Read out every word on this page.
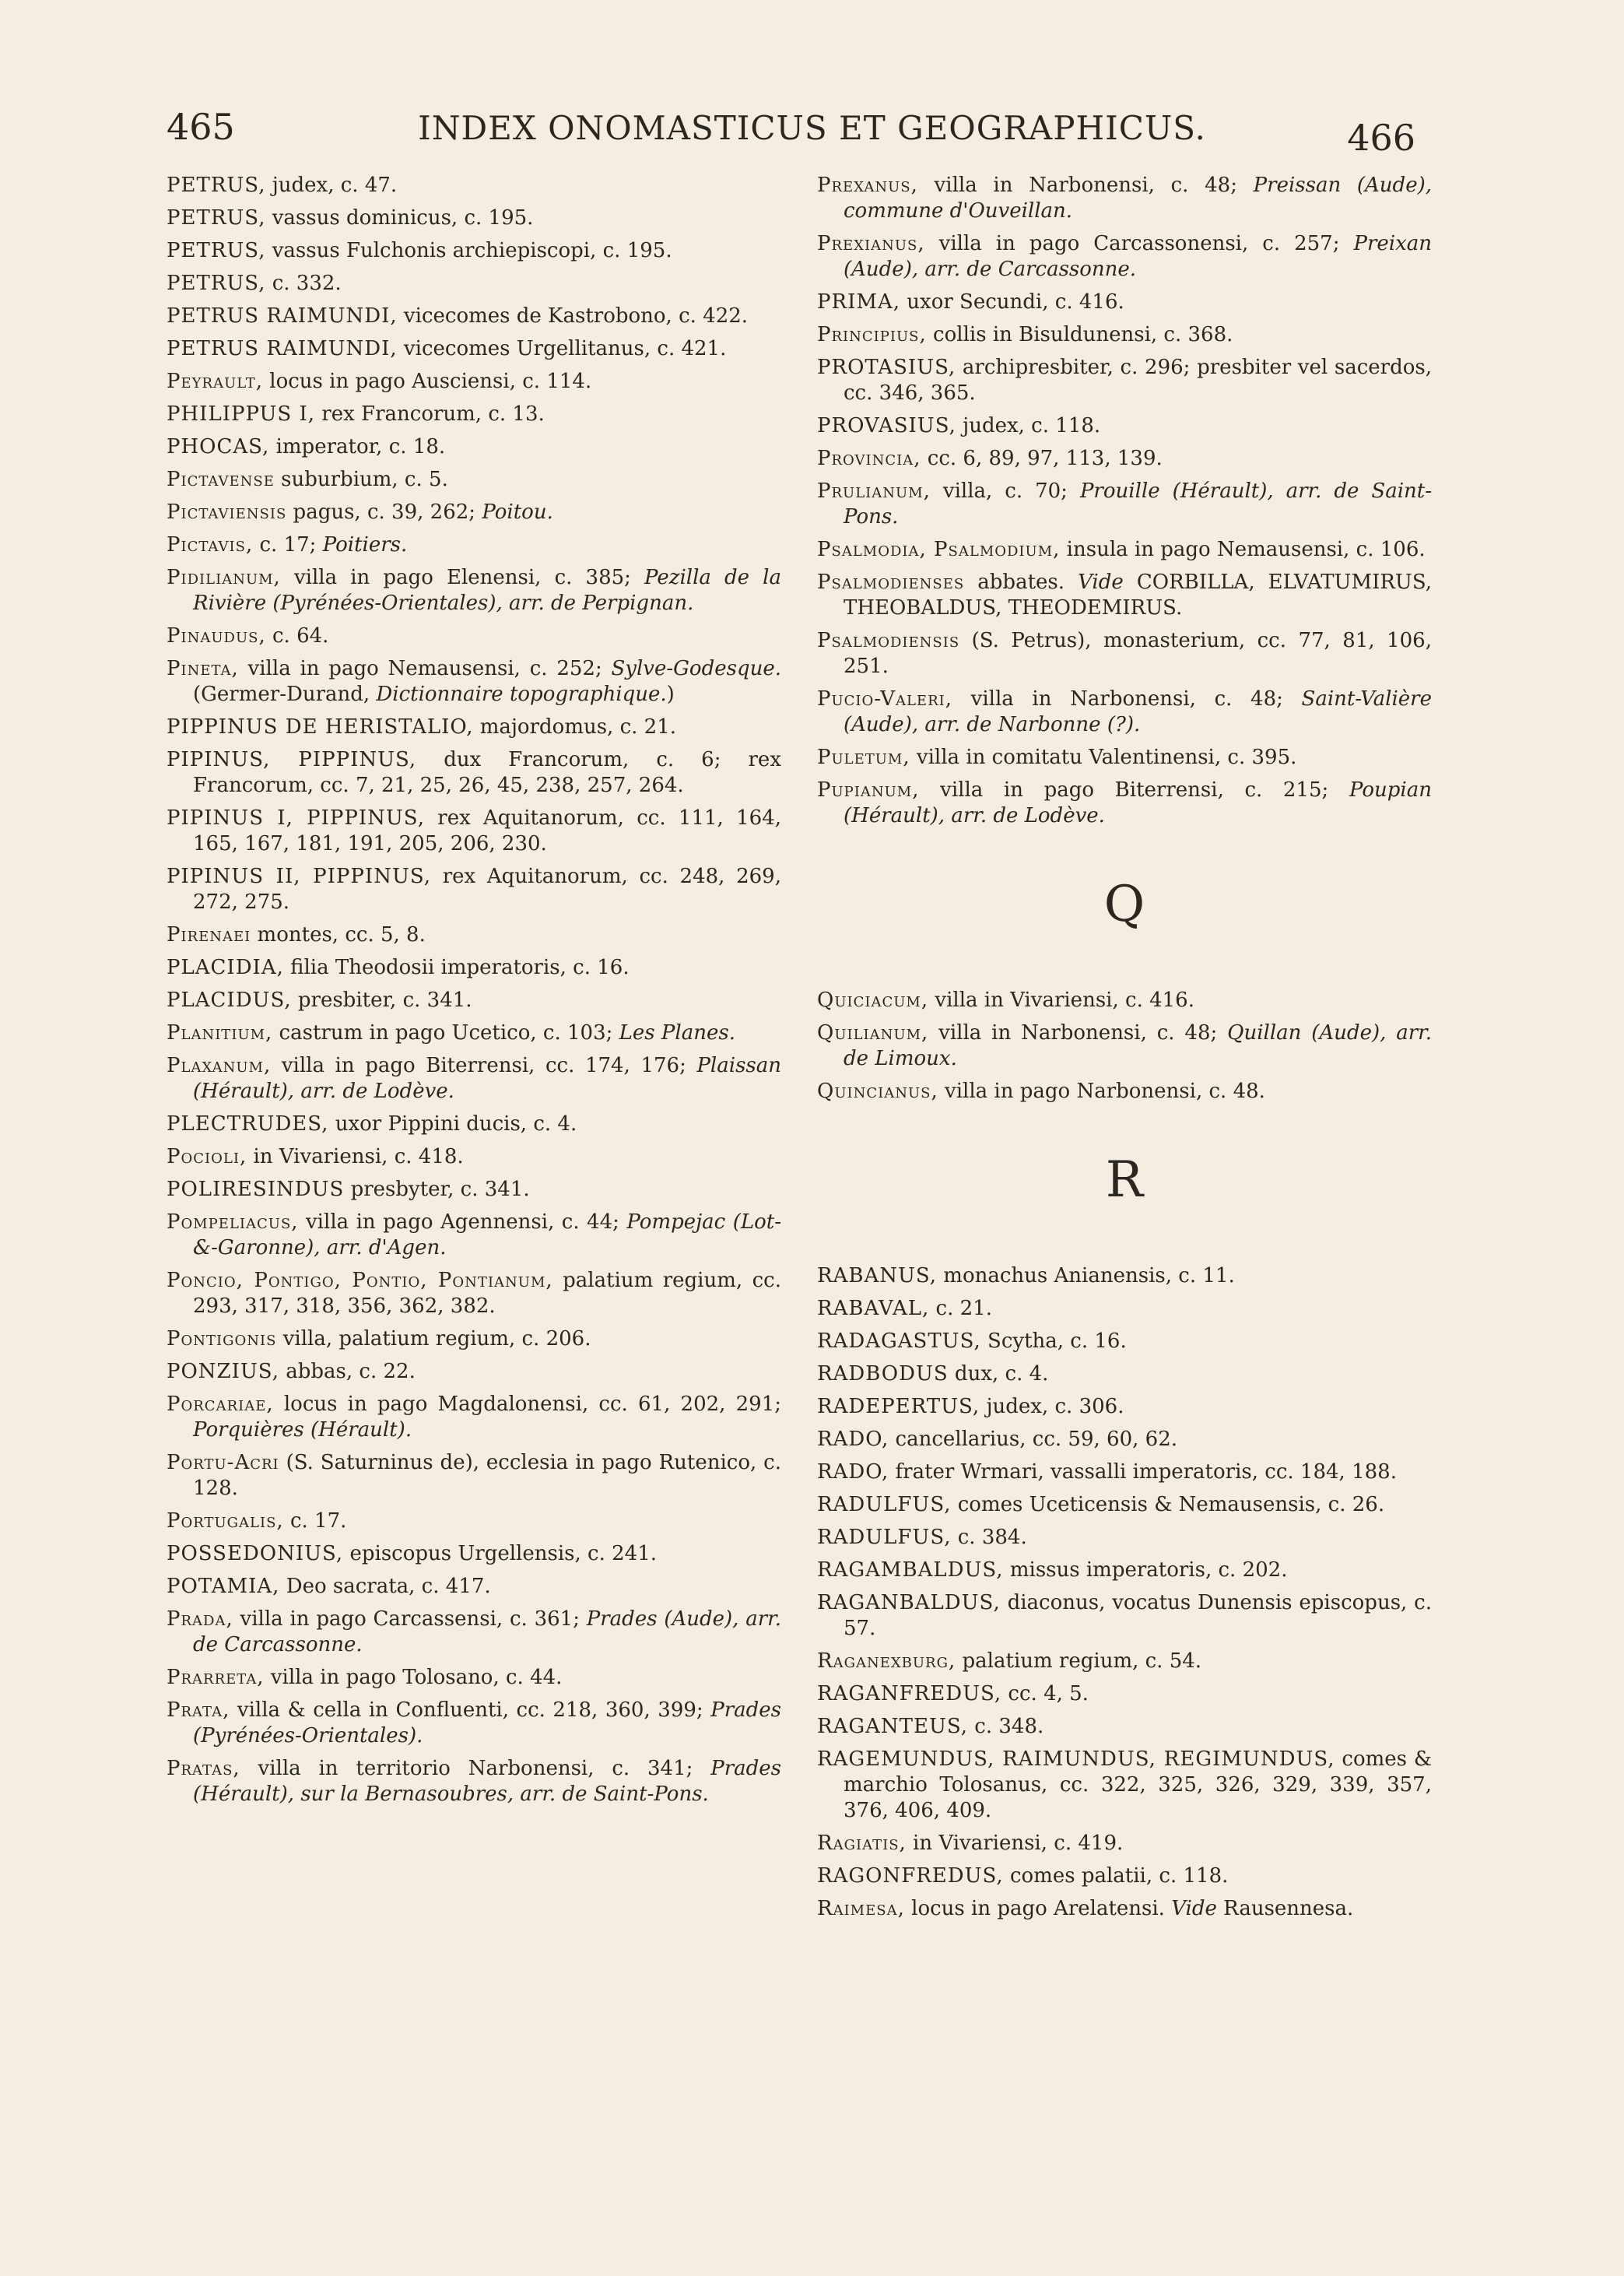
465	INDEX ONOMASTICUS ET GEOGRAPHICUS.	466
PETRUS, judex, c. 47.
PETRUS, vassus dominicus, c. 195.
PETRUS, vassus Fulchonis archiepiscopi, c. 195.
PETRUS, c. 332.
PETRUS RAIMUNDI, vicecomes de Kastrobono, c. 422.
PETRUS RAIMUNDI, vicecomes Urgellitanus, c. 421.
Peyrault, locus in pago Ausciensi, c. 114.
PHILIPPUS I, rex Francorum, c. 13.
PHOCAS, imperator, c. 18.
Pictavense suburbium, c. 5.
Pictaviensis pagus, c. 39, 262; Poitou.
Pictavis, c. 17; Poitiers.
Pidilianum, villa in pago Elenensi, c. 385; Pezilla de la Rivière (Pyrénées-Orientales), arr. de Perpignan.
Pinaudus, c. 64.
Pineta, villa in pago Nemausensi, c. 252; Sylve-Godesque. (Germer-Durand, Dictionnaire topographique.)
PIPPINUS DE HERISTALIO, majordomus, c. 21.
PIPINUS, PIPPINUS, dux Francorum, c. 6; rex Francorum, cc. 7, 21, 25, 26, 45, 238, 257, 264.
PIPINUS I, PIPPINUS, rex Aquitanorum, cc. 111, 164, 165, 167, 181, 191, 205, 206, 230.
PIPINUS II, PIPPINUS, rex Aquitanorum, cc. 248, 269, 272, 275.
Pirenaei montes, cc. 5, 8.
PLACIDIA, filia Theodosii imperatoris, c. 16.
PLACIDUS, presbiter, c. 341.
Planitium, castrum in pago Ucetico, c. 103; Les Planes.
Plaxanum, villa in pago Biterrensi, cc. 174, 176; Plaissan (Hérault), arr. de Lodève.
PLECTRUDES, uxor Pippini ducis, c. 4.
Pocioli, in Vivariensi, c. 418.
POLIRESINDUS presbyter, c. 341.
Pompeliacus, villa in pago Agennensi, c. 44; Pompejac (Lot-&-Garonne), arr. d'Agen.
Poncio, Pontigo, Pontio, Pontianum, palatium regium, cc. 293, 317, 318, 356, 362, 382.
Pontigonis villa, palatium regium, c. 206.
PONZIUS, abbas, c. 22.
Porcariae, locus in pago Magdalonensi, cc. 61, 202, 291; Porquières (Hérault).
Portu-Acri (S. Saturninus de), ecclesia in pago Rutenico, c. 128.
Portugalis, c. 17.
POSSEDONIUS, episcopus Urgellensis, c. 241.
POTAMIA, Deo sacrata, c. 417.
Prada, villa in pago Carcassensi, c. 361; Prades (Aude), arr. de Carcassonne.
Prarreta, villa in pago Tolosano, c. 44.
Prata, villa & cella in Confluenti, cc. 218, 360, 399; Prades (Pyrénées-Orientales).
Pratas, villa in territorio Narbonensi, c. 341; Prades (Hérault), sur la Bernasoubres, arr. de Saint-Pons.
Prexanus, villa in Narbonensi, c. 48; Preissan (Aude), commune d'Ouveillan.
Prexianus, villa in pago Carcassonensi, c. 257; Preixan (Aude), arr. de Carcassonne.
PRIMA, uxor Secundi, c. 416.
Principius, collis in Bisuldunensi, c. 368.
PROTASIUS, archipresbiter, c. 296; presbiter vel sacerdos, cc. 346, 365.
PROVASIUS, judex, c. 118.
Provincia, cc. 6, 89, 97, 113, 139.
Prulianum, villa, c. 70; Prouille (Hérault), arr. de Saint-Pons.
Psalmodia, Psalmodium, insula in pago Nemausensi, c. 106.
Psalmodienses abbates. Vide CORBILLA, ELVATUMIRUS, THEOBALDUS, THEODEMIRUS.
Psalmodiensis (S. Petrus), monasterium, cc. 77, 81, 106, 251.
Pucio-Valeri, villa in Narbonensi, c. 48; Saint-Valière (Aude), arr. de Narbonne (?).
Puletum, villa in comitatu Valentinensi, c. 395.
Pupianum, villa in pago Biterrensi, c. 215; Poupian (Hérault), arr. de Lodève.
Q
Quiciacum, villa in Vivariensi, c. 416.
Quilianum, villa in Narbonensi, c. 48; Quillan (Aude), arr. de Limoux.
Quincianus, villa in pago Narbonensi, c. 48.
R
RABANUS, monachus Anianensis, c. 11.
RABAVAL, c. 21.
RADAGASTUS, Scytha, c. 16.
RADBODUS dux, c. 4.
RADEPERTUS, judex, c. 306.
RADO, cancellarius, cc. 59, 60, 62.
RADO, frater Wrmari, vassalli imperatoris, cc. 184, 188.
RADULFUS, comes Uceticensis & Nemausensis, c. 26.
RADULFUS, c. 384.
RAGAMBALDUS, missus imperatoris, c. 202.
RAGANBALDUS, diaconus, vocatus Dunensis episcopus, c. 57.
Raganexburg, palatium regium, c. 54.
RAGANFREDUS, cc. 4, 5.
RAGANTEUS, c. 348.
RAGEMUNDUS, RAIMUNDUS, REGIMUNDUS, comes & marchio Tolosanus, cc. 322, 325, 326, 329, 339, 357, 376, 406, 409.
Ragiatis, in Vivariensi, c. 419.
RAGONFREDUS, comes palatii, c. 118.
Raimesa, locus in pago Arelatensi. Vide Rausennesa.
